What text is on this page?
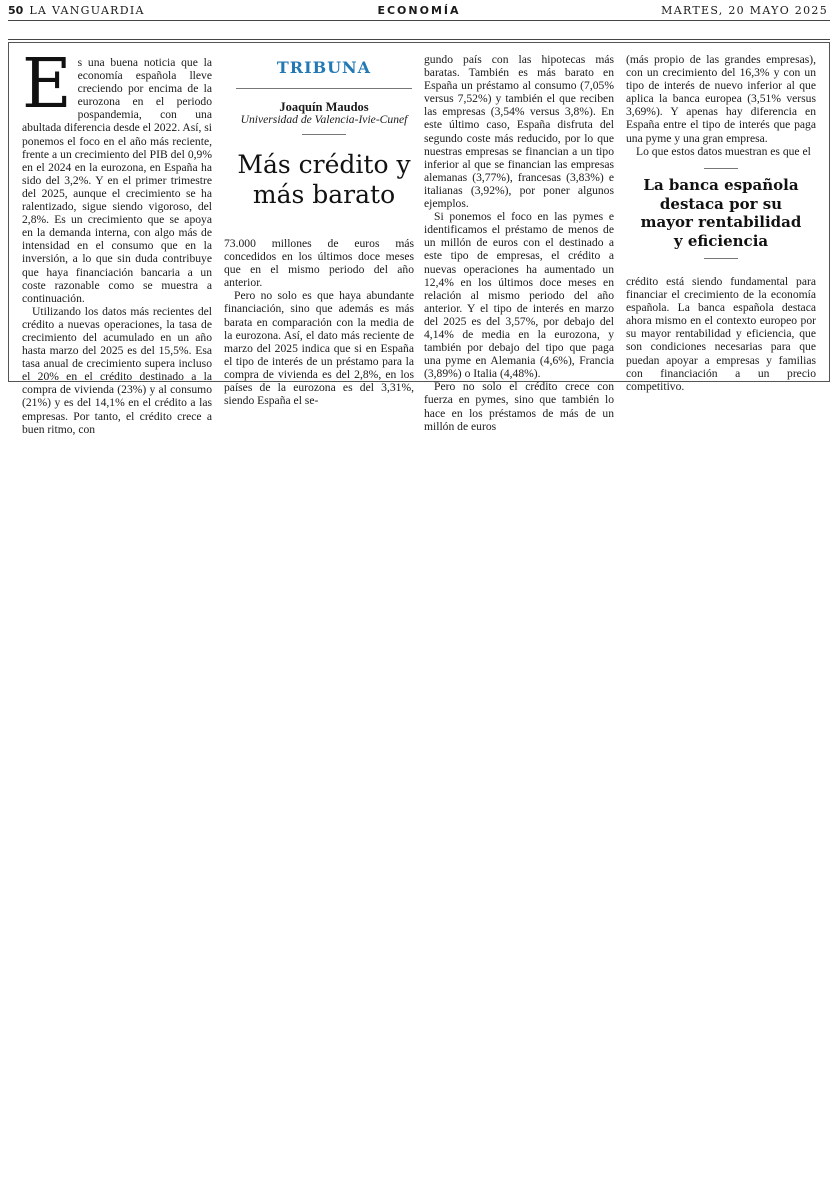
50 LA VANGUARDIA	ECONOMÍA	MARTES, 20 MAYO 2025

Es una buena noticia que la economía española lleve creciendo por encima de la eurozona en el periodo pospandemia, con una abultada diferencia desde el 2022. Así, si ponemos el foco en el año más reciente, frente a un crecimiento del PIB del 0,9% en el 2024 en la eurozona, en España ha sido del 3,2%. Y en el primer trimestre del 2025, aunque el crecimiento se ha ralentizado, sigue siendo vigoroso, del 2,8%. Es un crecimiento que se apoya en la demanda interna, con algo más de intensidad en el consumo que en la inversión, a lo que sin duda contribuye que haya financiación bancaria a un coste razonable como se muestra a continuación.

Utilizando los datos más recientes del crédito a nuevas operaciones, la tasa de crecimiento del acumulado en un año hasta marzo del 2025 es del 15,5%. Esa tasa anual de crecimiento supera incluso el 20% en el crédito destinado a la compra de vivienda (23%) y al consumo (21%) y es del 14,1% en el crédito a las empresas. Por tanto, el crédito crece a buen ritmo, con

TRIBUNA
Joaquín Maudos
Universidad de Valencia-Ivie-Cunef
Más crédito y más barato

73.000 millones de euros más concedidos en los últimos doce meses que en el mismo periodo del año anterior.

Pero no solo es que haya abundante financiación, sino que además es más barata en comparación con la media de la eurozona. Así, el dato más reciente de marzo del 2025 indica que si en España el tipo de interés de un préstamo para la compra de vivienda es del 2,8%, en los países de la eurozona es del 3,31%, siendo España el se-

gundo país con las hipotecas más baratas. También es más barato en España un préstamo al consumo (7,05% versus 7,52%) y también el que reciben las empresas (3,54% versus 3,8%). En este último caso, España disfruta del segundo coste más reducido, por lo que nuestras empresas se financian a un tipo inferior al que se financian las empresas alemanas (3,77%), francesas (3,83%) e italianas (3,92%), por poner algunos ejemplos.

Si ponemos el foco en las pymes e identificamos el préstamo de menos de un millón de euros con el destinado a este tipo de empresas, el crédito a nuevas operaciones ha aumentado un 12,4% en los últimos doce meses en relación al mismo periodo del año anterior. Y el tipo de interés en marzo del 2025 es del 3,57%, por debajo del 4,14% de media en la eurozona, y también por debajo del tipo que paga una pyme en Alemania (4,6%), Francia (3,89%) o Italia (4,48%).

Pero no solo el crédito crece con fuerza en pymes, sino que también lo hace en los préstamos de más de un millón de euros

(más propio de las grandes empresas), con un crecimiento del 16,3% y con un tipo de interés de nuevo inferior al que aplica la banca europea (3,51% versus 3,69%). Y apenas hay diferencia en España entre el tipo de interés que paga una pyme y una gran empresa.

Lo que estos datos muestran es que el

La banca española destaca por su mayor rentabilidad y eficiencia

crédito está siendo fundamental para financiar el crecimiento de la economía española. La banca española destaca ahora mismo en el contexto europeo por su mayor rentabilidad y eficiencia, que son condiciones necesarias para que puedan apoyar a empresas y familias con financiación a un precio competitivo.
